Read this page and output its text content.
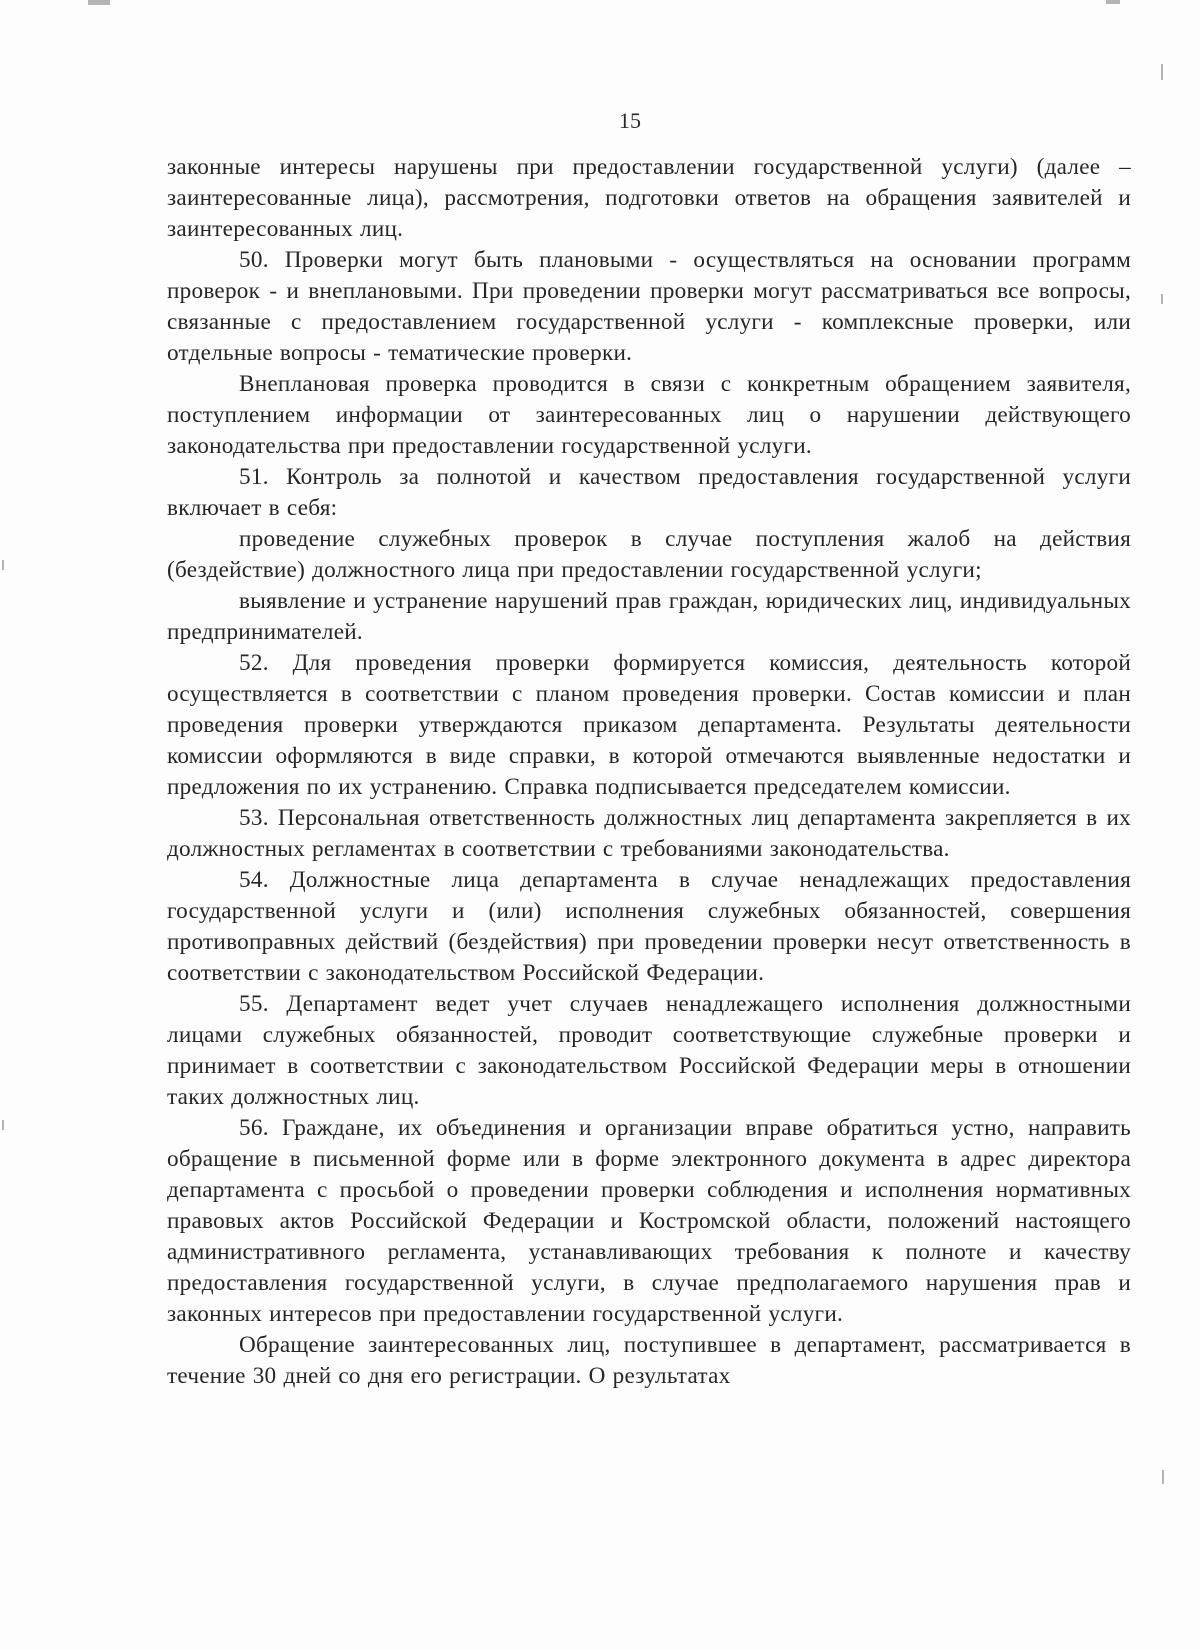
15

законные интересы нарушены при предоставлении государственной услуги) (далее – заинтересованные лица), рассмотрения, подготовки ответов на обращения заявителей и заинтересованных лиц.

50. Проверки могут быть плановыми - осуществляться на основании программ проверок - и внеплановыми. При проведении проверки могут рассматриваться все вопросы, связанные с предоставлением государственной услуги - комплексные проверки, или отдельные вопросы - тематические проверки.

Внеплановая проверка проводится в связи с конкретным обращением заявителя, поступлением информации от заинтересованных лиц о нарушении действующего законодательства при предоставлении государственной услуги.

51. Контроль за полнотой и качеством предоставления государственной услуги включает в себя:

проведение служебных проверок в случае поступления жалоб на действия (бездействие) должностного лица при предоставлении государственной услуги;

выявление и устранение нарушений прав граждан, юридических лиц, индивидуальных предпринимателей.

52. Для проведения проверки формируется комиссия, деятельность которой осуществляется в соответствии с планом проведения проверки. Состав комиссии и план проведения проверки утверждаются приказом департамента. Результаты деятельности комиссии оформляются в виде справки, в которой отмечаются выявленные недостатки и предложения по их устранению. Справка подписывается председателем комиссии.

53. Персональная ответственность должностных лиц департамента закрепляется в их должностных регламентах в соответствии с требованиями законодательства.

54. Должностные лица департамента в случае ненадлежащих предоставления государственной услуги и (или) исполнения служебных обязанностей, совершения противоправных действий (бездействия) при проведении проверки несут ответственность в соответствии с законодательством Российской Федерации.

55. Департамент ведет учет случаев ненадлежащего исполнения должностными лицами служебных обязанностей, проводит соответствующие служебные проверки и принимает в соответствии с законодательством Российской Федерации меры в отношении таких должностных лиц.

56. Граждане, их объединения и организации вправе обратиться устно, направить обращение в письменной форме или в форме электронного документа в адрес директора департамента с просьбой о проведении проверки соблюдения и исполнения нормативных правовых актов Российской Федерации и Костромской области, положений настоящего административного регламента, устанавливающих требования к полноте и качеству предоставления государственной услуги, в случае предполагаемого нарушения прав и законных интересов при предоставлении государственной услуги.

Обращение заинтересованных лиц, поступившее в департамент, рассматривается в течение 30 дней со дня его регистрации. О результатах
